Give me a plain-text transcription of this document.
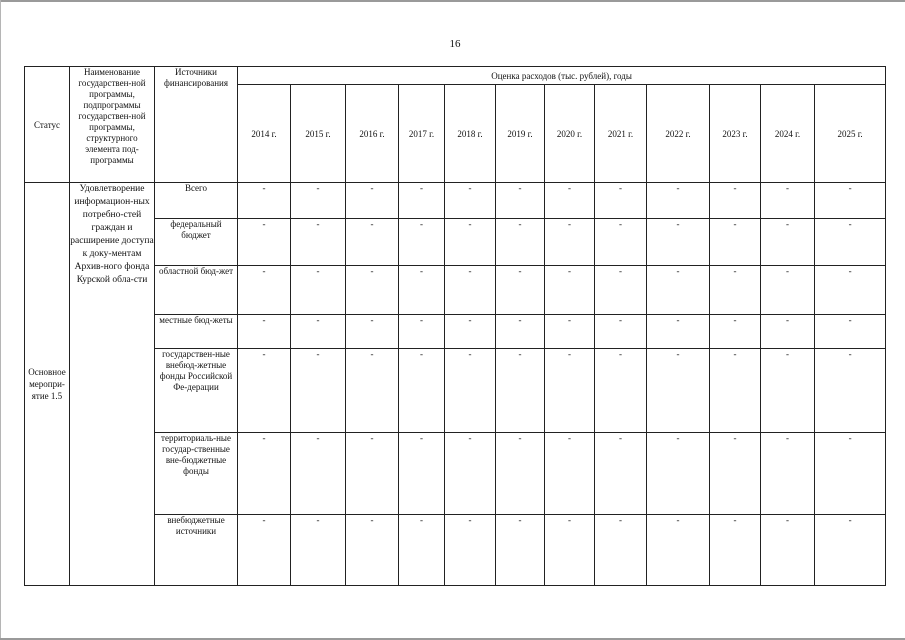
16
Статус	Наименование государствен-ной программы, подпрограммы государствен-ной программы, структурного элемента под-программы	Источники финансирования	Оценка расходов (тыс. рублей), годы											
			2014 г.	2015 г.	2016 г.	2017 г.	2018 г.	2019 г.	2020 г.	2021 г.	2022 г.	2023 г.	2024 г.	2025 г.
Основное меропри-ятие 1.5	Удовлетворение информацион-ных потребно-стей граждан и расширение доступа к доку-ментам Архив-ного фонда Курской обла-сти	Всего	-	-	-	-	-	-	-	-	-	-	-	-
		федеральный бюджет	-	-	-	-	-	-	-	-	-	-	-	-
		областной бюд-жет	-	-	-	-	-	-	-	-	-	-	-	-
		местные бюд-жеты	-	-	-	-	-	-	-	-	-	-	-	-
		государствен-ные внебюд-жетные фонды Российской Фе-дерации	-	-	-	-	-	-	-	-	-	-	-	-
		территориаль-ные государ-ственные вне-бюджетные фонды	-	-	-	-	-	-	-	-	-	-	-	-
		внебюджетные источники	-	-	-	-	-	-	-	-	-	-	-	-
